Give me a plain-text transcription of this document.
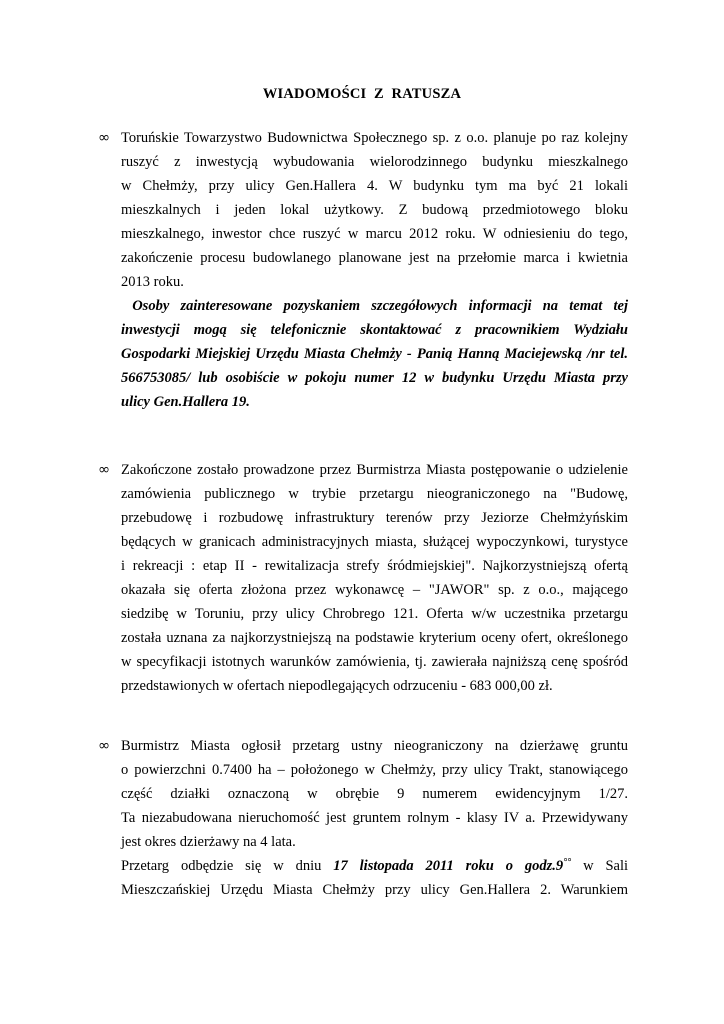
WIADOMOŚCI  Z  RATUSZA
∞ Toruńskie Towarzystwo Budownictwa Społecznego sp. z o.o. planuje po raz kolejny
ruszyć z inwestycją wybudowania wielorodzinnego budynku mieszkalnego
w Chełmży, przy ulicy Gen.Hallera 4. W budynku tym ma być 21 lokali
mieszkalnych i jeden lokal użytkowy. Z budową przedmiotowego bloku
mieszkalnego, inwestor chce ruszyć w marcu 2012 roku. W odniesieniu do tego,
zakończenie procesu budowlanego planowane jest na przełomie marca i kwietnia
2013 roku.
Osoby zainteresowane pozyskaniem szczegółowych informacji na temat tej
inwestycji mogą się telefonicznie skontaktować z pracownikiem Wydziału
Gospodarki Miejskiej Urzędu Miasta Chełmży - Panią Hanną Maciejewską /nr tel.
566753085/ lub osobiście w pokoju numer 12 w budynku Urzędu Miasta przy
ulicy Gen.Hallera 19.
∞ Zakończone zostało prowadzone przez Burmistrza Miasta postępowanie o udzielenie
zamówienia publicznego w trybie przetargu nieograniczonego na "Budowę,
przebudowę i rozbudowę infrastruktury terenów przy Jeziorze Chełmżyńskim
będących w granicach administracyjnych miasta, służącej wypoczynkowi, turystyce
i rekreacji : etap II - rewitalizacja strefy śródmiejskiej". Najkorzystniejszą ofertą
okazała się oferta złożona przez wykonawcę – "JAWOR" sp. z o.o., mającego
siedzibę w Toruniu, przy ulicy Chrobrego 121. Oferta w/w uczestnika przetargu
została uznana za najkorzystniejszą na podstawie kryterium oceny ofert, określonego
w specyfikacji istotnych warunków zamówienia, tj. zawierała najniższą cenę spośród
przedstawionych w ofertach niepodlegających odrzuceniu - 683 000,00 zł.
∞ Burmistrz Miasta ogłosił przetarg ustny nieograniczony na dzierżawę gruntu
o powierzchni 0.7400 ha – położonego w Chełmży, przy ulicy Trakt, stanowiącego
część działki oznaczoną w obrębie 9 numerem ewidencyjnym 1/27.
Ta niezabudowana nieruchomość jest gruntem rolnym - klasy IV a. Przewidywany
jest okres dzierżawy na 4 lata.
Przetarg odbędzie się w dniu 17 listopada 2011 roku o godz.9°° w Sali
Mieszczańskiej Urzędu Miasta Chełmży przy ulicy Gen.Hallera 2. Warunkiem
